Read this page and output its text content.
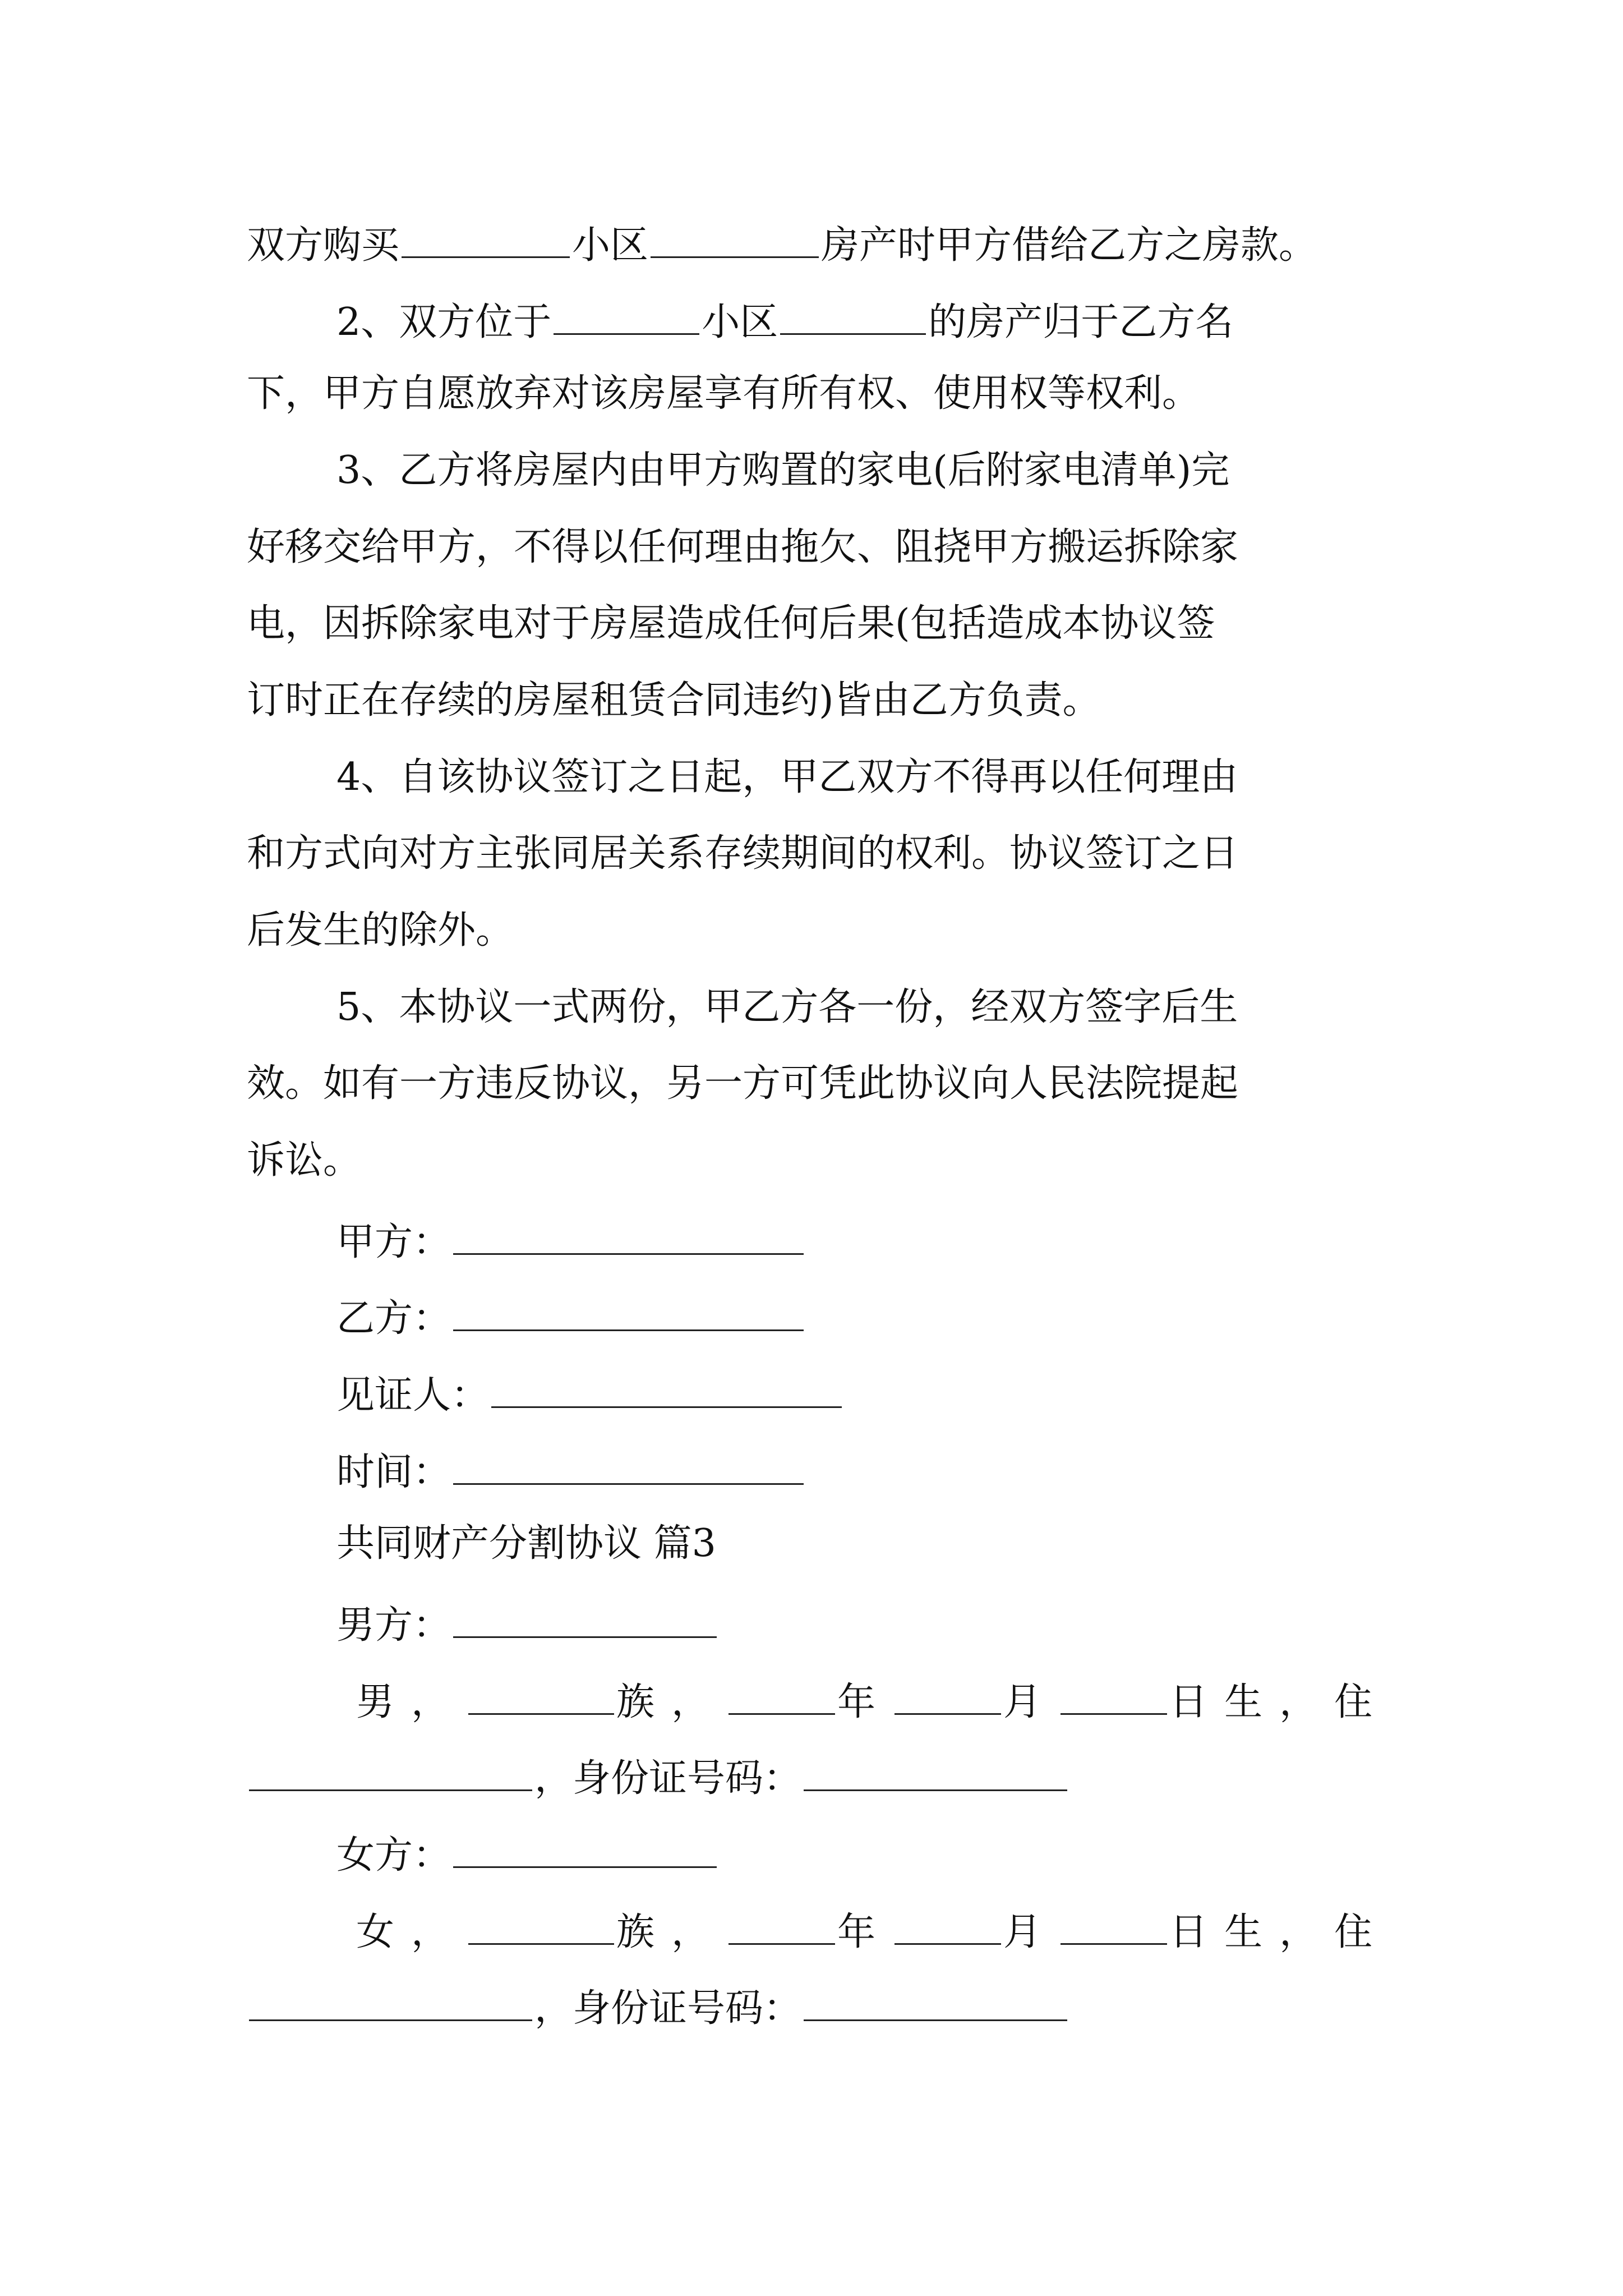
双方购买	小区	房产时甲方借给乙方之房款。
2、双方位于	小区	的房产归于乙方名
下，甲方自愿放弃对该房屋享有所有权、使用权等权利。
3、乙方将房屋内由甲方购置的家电(后附家电清单)完
好移交给甲方，不得以任何理由拖欠、阻挠甲方搬运拆除家
电，因拆除家电对于房屋造成任何后果(包括造成本协议签
订时正在存续的房屋租赁合同违约)皆由乙方负责。
4、自该协议签订之日起，甲乙双方不得再以任何理由
和方式向对方主张同居关系存续期间的权利。协议签订之日
后发生的除外。
5、本协议一式两份，甲乙方各一份，经双方签字后生
效。如有一方违反协议，另一方可凭此协议向人民法院提起
诉讼。
甲方：
乙方：
见证人：
时间：
共同财产分割协议 篇3
男方：
男，	族，	年	月	日生，住
，身份证号码：
女方：
女，	族，	年	月	日生，住
，身份证号码：
